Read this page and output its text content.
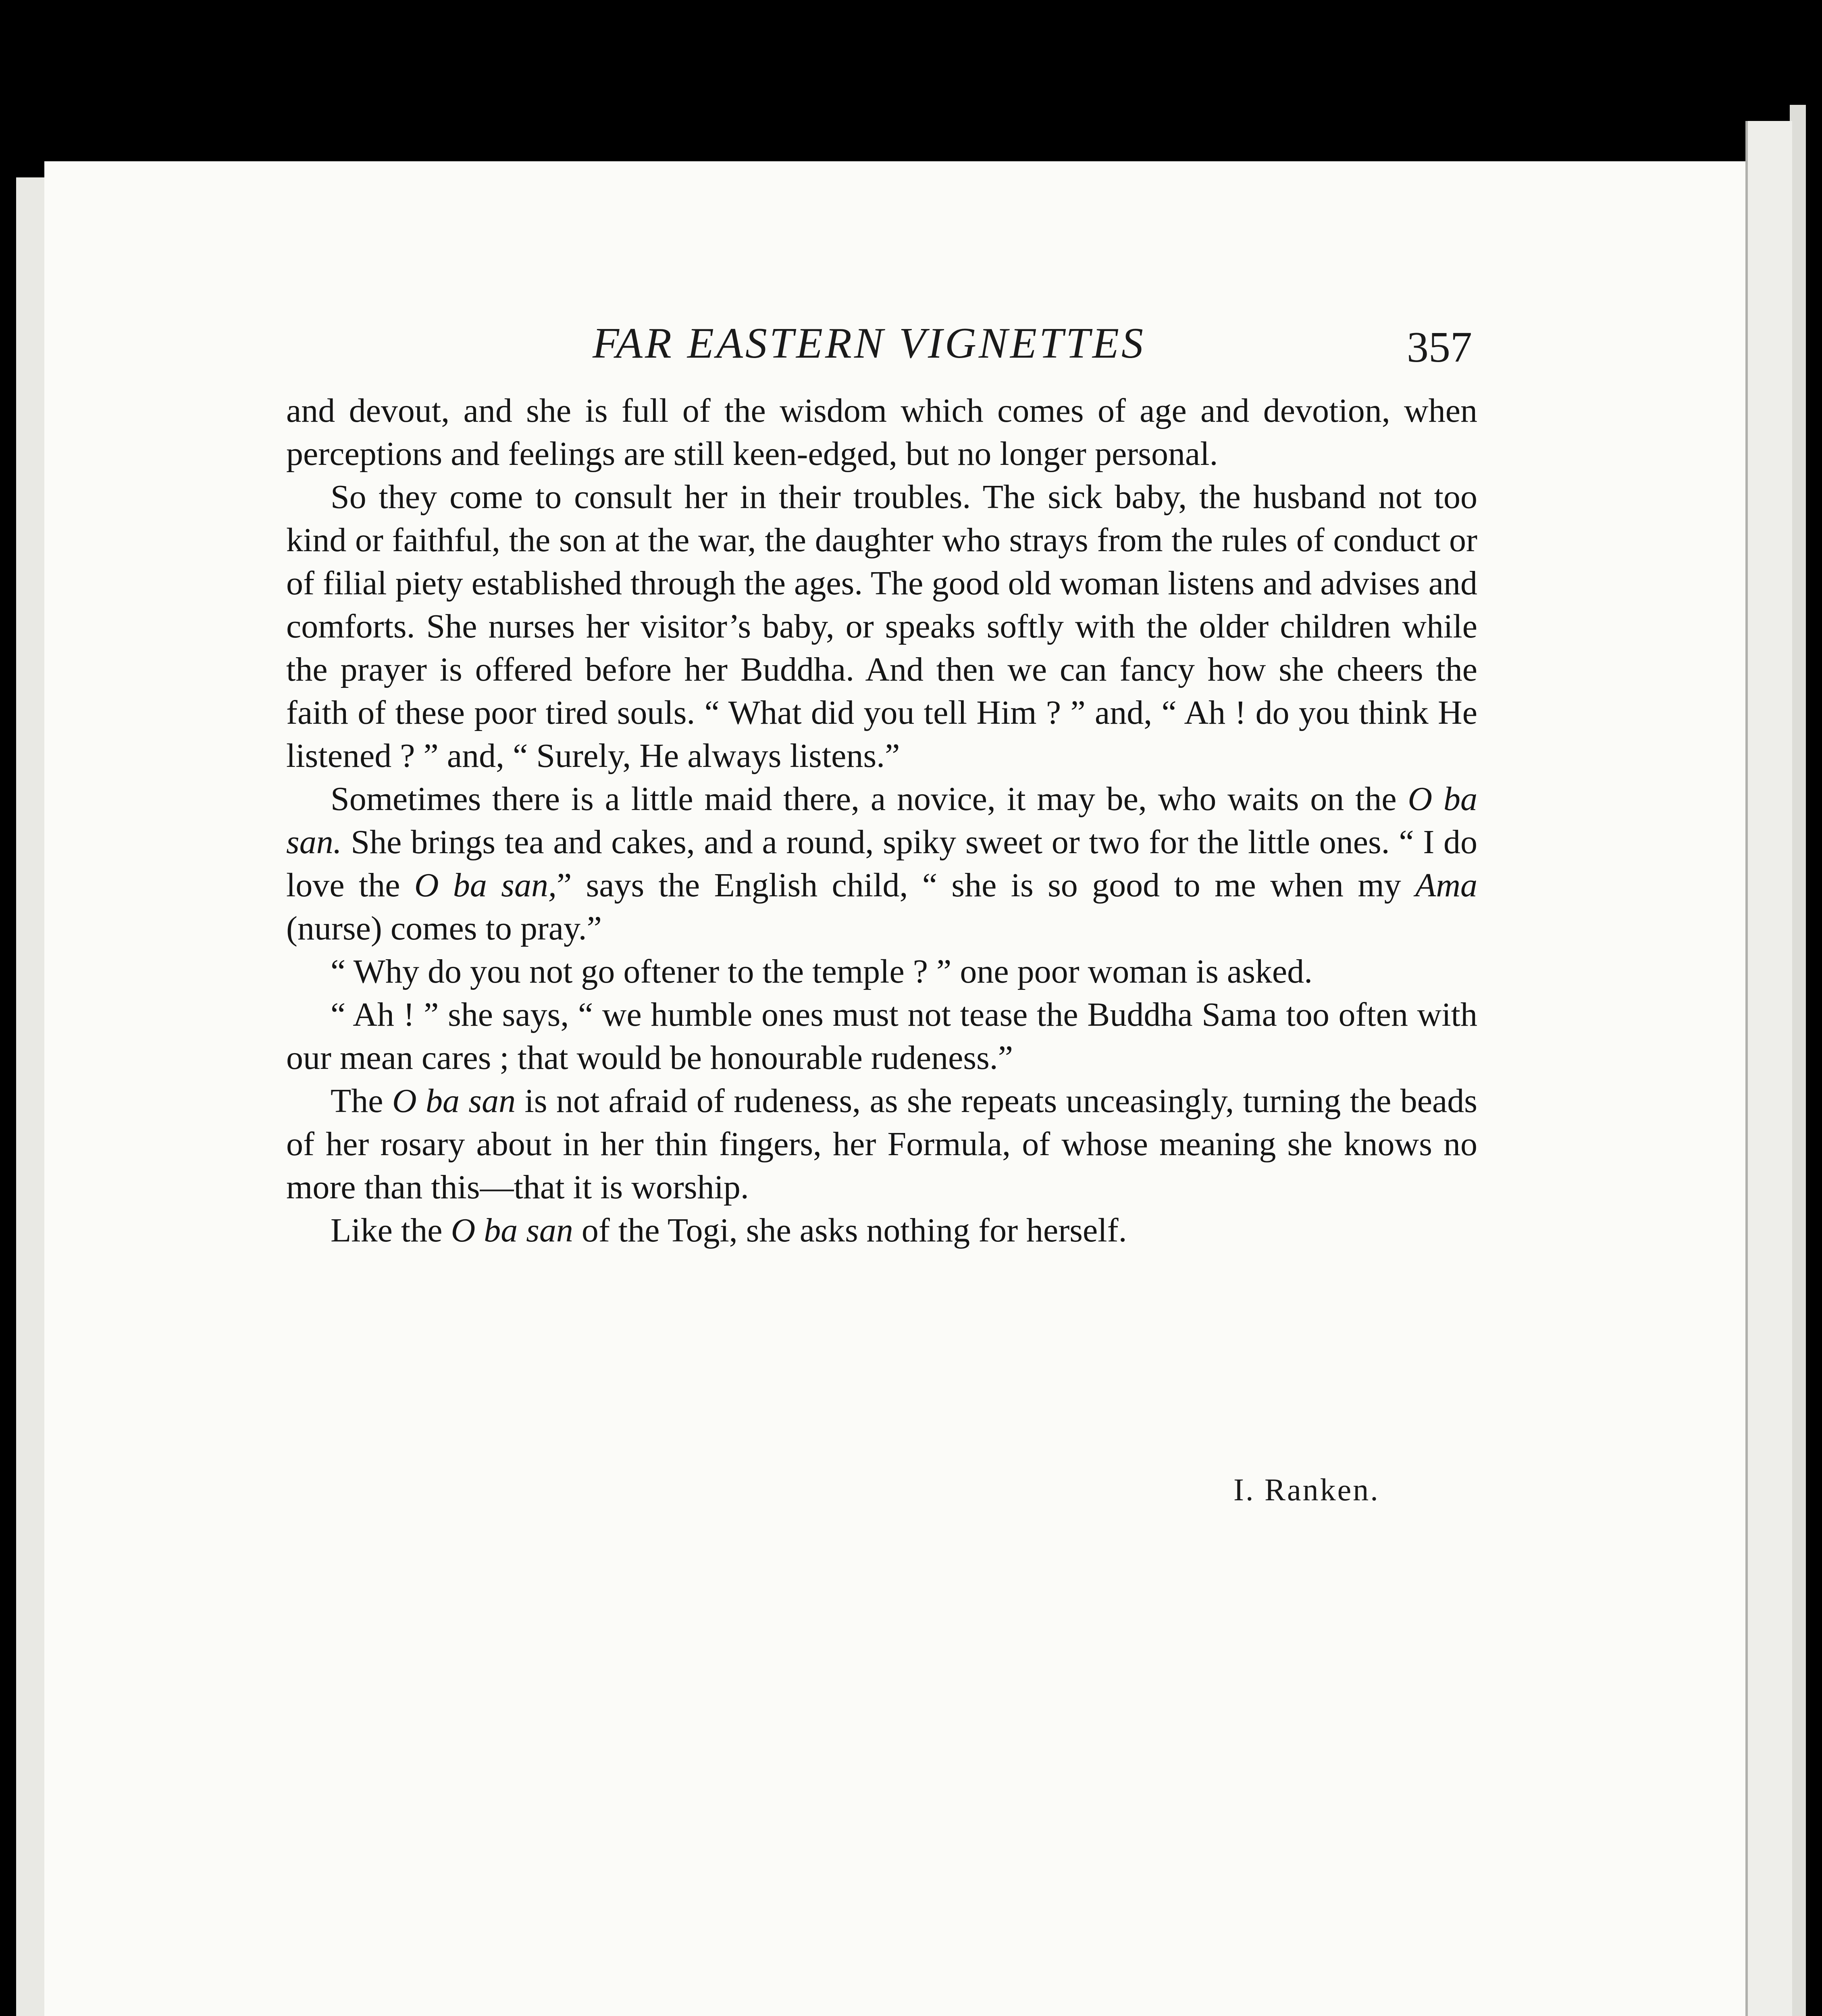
FAR EASTERN VIGNETTES	357

and devout, and she is full of the wisdom which comes of age and devotion, when perceptions and feelings are still keen-edged, but no longer personal.

So they come to consult her in their troubles. The sick baby, the husband not too kind or faithful, the son at the war, the daughter who strays from the rules of conduct or of filial piety established through the ages. The good old woman listens and advises and comforts. She nurses her visitor’s baby, or speaks softly with the older children while the prayer is offered before her Buddha. And then we can fancy how she cheers the faith of these poor tired souls. “ What did you tell Him ? ” and, “ Ah ! do you think He listened ? ” and, “ Surely, He always listens.”

Sometimes there is a little maid there, a novice, it may be, who waits on the O ba san. She brings tea and cakes, and a round, spiky sweet or two for the little ones. “ I do love the O ba san,” says the English child, “ she is so good to me when my Ama (nurse) comes to pray.”

“ Why do you not go oftener to the temple ? ” one poor woman is asked.

“ Ah ! ” she says, “ we humble ones must not tease the Buddha Sama too often with our mean cares ; that would be honourable rudeness.”

The O ba san is not afraid of rudeness, as she repeats unceasingly, turning the beads of her rosary about in her thin fingers, her Formula, of whose meaning she knows no more than this—that it is worship.

Like the O ba san of the Togi, she asks nothing for herself.

I. Ranken.
